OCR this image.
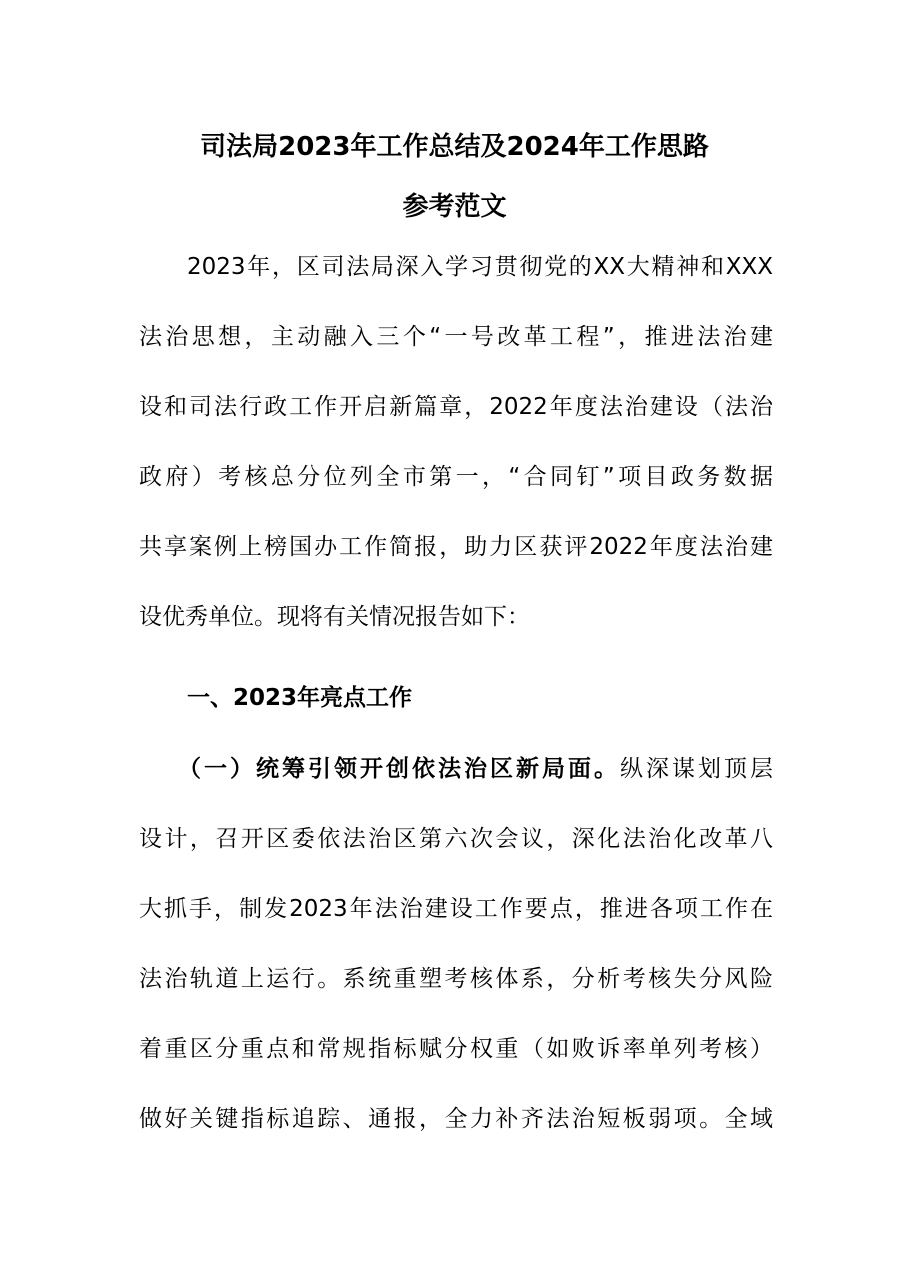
司法局2023年工作总结及2024年工作思路
参考范文
2023年，区司法局深入学习贯彻党的XX大精神和XXX
法治思想，主动融入三个“一号改革工程”，推进法治建
设和司法行政工作开启新篇章，2022年度法治建设（法治
政府）考核总分位列全市第一，“合同钉”项目政务数据
共享案例上榜国办工作简报，助力区获评2022年度法治建
设优秀单位。现将有关情况报告如下：
一、2023年亮点工作
（一）统筹引领开创依法治区新局面。纵深谋划顶层
设计，召开区委依法治区第六次会议，深化法治化改革八
大抓手，制发2023年法治建设工作要点，推进各项工作在
法治轨道上运行。系统重塑考核体系，分析考核失分风险
着重区分重点和常规指标赋分权重（如败诉率单列考核）
做好关键指标追踪、通报，全力补齐法治短板弱项。全域
